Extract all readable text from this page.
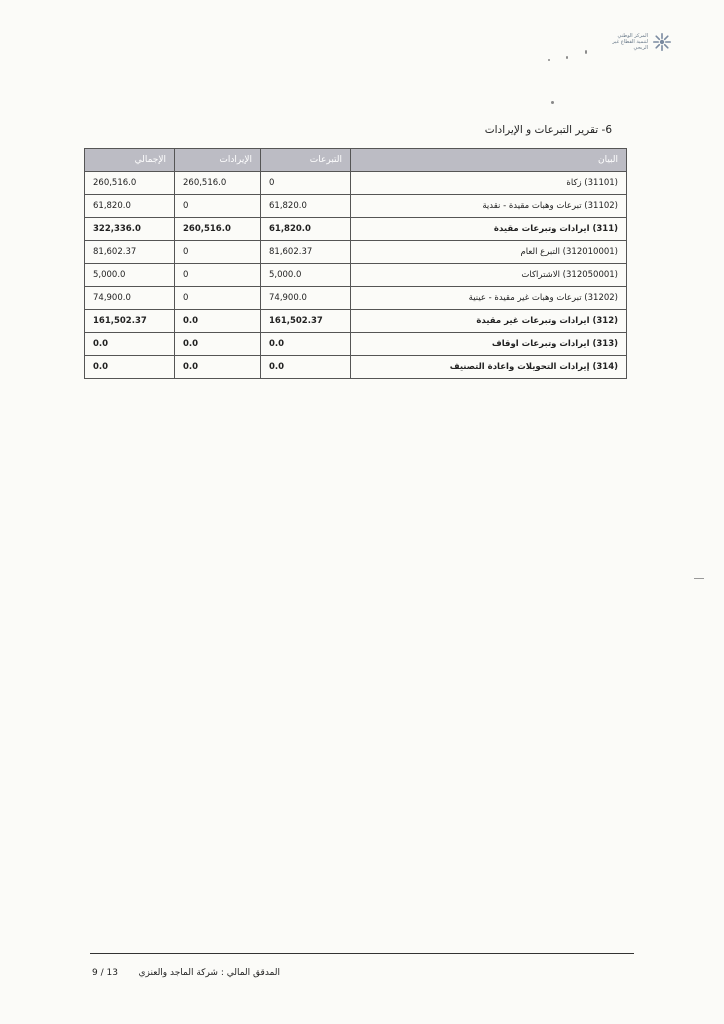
المركز الوطني
لتنمية القطاع غير الربحي
6- تقرير التبرعات و الإيرادات
البيان	التبرعات	الإيرادات	الإجمالي
(31101) زكاة	0	260,516.0	260,516.0
(31102) تبرعات وهبات مقيدة - نقدية	61,820.0	0	61,820.0
(311) ايرادات وتبرعات مقيدة	61,820.0	260,516.0	322,336.0
(312010001) التبرع العام	81,602.37	0	81,602.37
(312050001) الاشتراكات	5,000.0	0	5,000.0
(31202) تبرعات وهبات غير مقيدة - عينية	74,900.0	0	74,900.0
(312) ايرادات وتبرعات غير مقيدة	161,502.37	0.0	161,502.37
(313) ايرادات وتبرعات اوقاف	0.0	0.0	0.0
(314) إيرادات التحويلات واعادة التصنيف	0.0	0.0	0.0
المدقق المالي : شركة الماجد والعنزي
9 / 13
